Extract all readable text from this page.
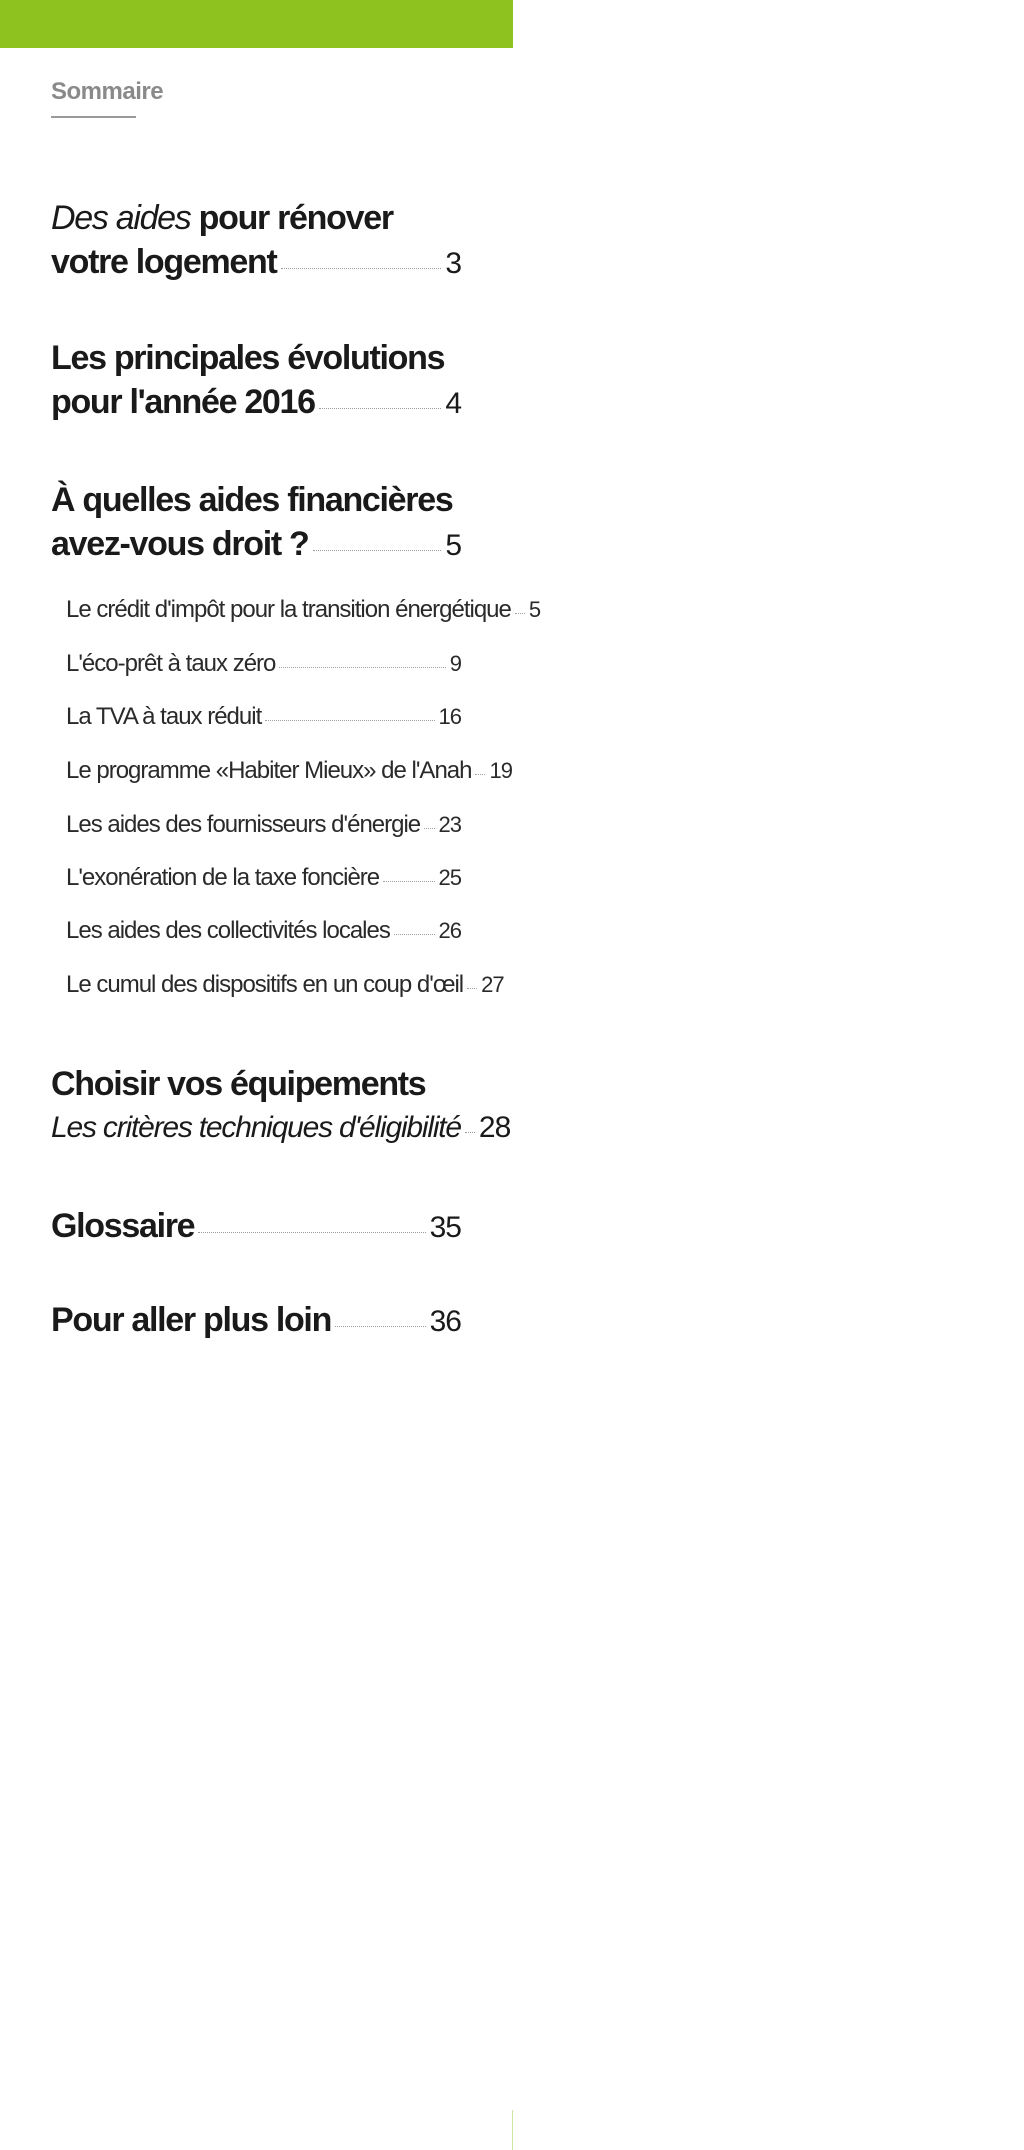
Sommaire
Des aides pour rénover
votre logement	3
Les principales évolutions
pour l'année 2016	4
À quelles aides financières
avez-vous droit ?	5
Le crédit d'impôt pour la transition énergétique 5
L'éco-prêt à taux zéro	9
La TVA à taux réduit	16
Le programme «Habiter Mieux» de l'Anah 19
Les aides des fournisseurs d'énergie 23
L'exonération de la taxe foncière	25
Les aides des collectivités locales 26
Le cumul des dispositifs en un coup d'œil 27
Choisir vos équipements
Les critères techniques d'éligibilité 28
Glossaire	35
Pour aller plus loin	36
